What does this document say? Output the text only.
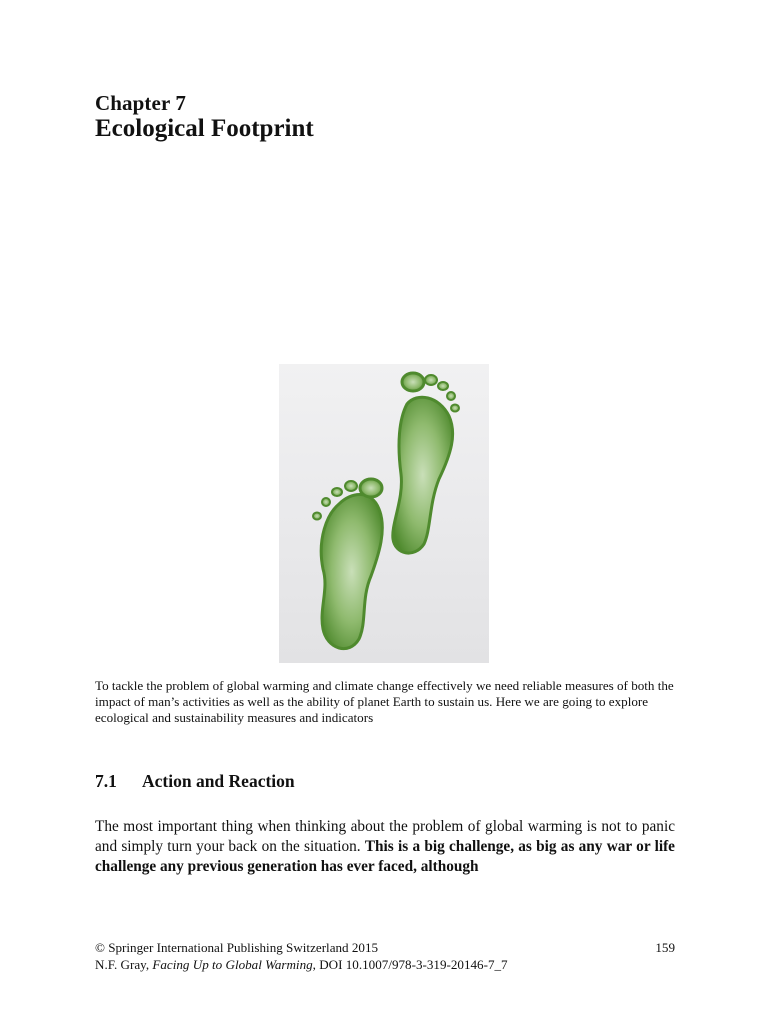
Chapter 7
Ecological Footprint
To tackle the problem of global warming and climate change effectively we need reliable measures of both the impact of man’s activities as well as the ability of planet Earth to sustain us. Here we are going to explore ecological and sustainability measures and indicators
7.1 Action and Reaction
The most important thing when thinking about the problem of global warming is not to panic and simply turn your back on the situation. This is a big challenge, as big as any war or life challenge any previous generation has ever faced, although
© Springer International Publishing Switzerland 2015	159
N.F. Gray, Facing Up to Global Warming, DOI 10.1007/978-3-319-20146-7_7
